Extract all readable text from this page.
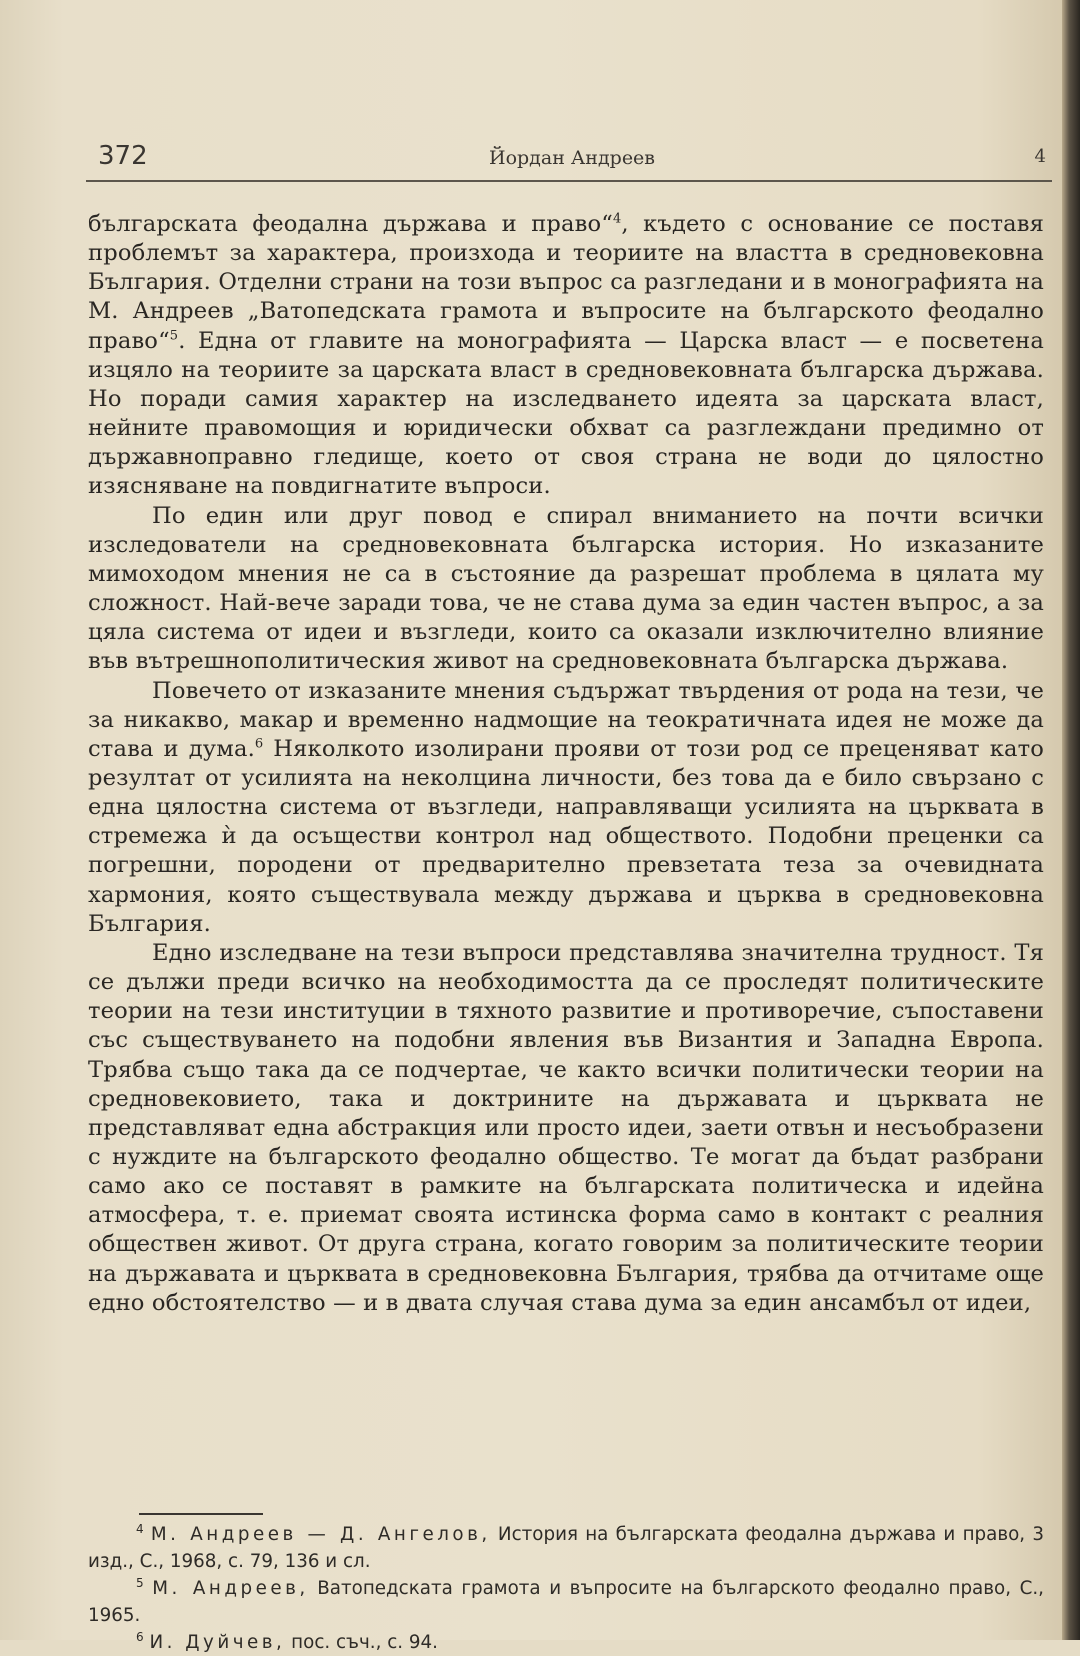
372	Йордан Андреев	4

българската феодална държава и право“$^4$, където с основание се поставя проблемът за характера, произхода и теориите на властта в средновековна България. Отделни страни на този въпрос са разгледани и в монографията на М. Андреев „Ватопедската грамота и въпросите на българското феодално право“$^5$. Една от главите на монографията — Царска власт — е посветена изцяло на теориите за царската власт в средновековната българска държава. Но поради самия характер на изследването идеята за царската власт, нейните правомощия и юридически обхват са разглеждани предимно от държавноправно гледище, което от своя страна не води до цялостно изясняване на повдигнатите въпроси.

По един или друг повод е спирал вниманието на почти всички изследователи на средновековната българска история. Но изказаните мимоходом мнения не са в състояние да разрешат проблема в цялата му сложност. Най-вече заради това, че не става дума за един частен въпрос, а за цяла система от идеи и възгледи, които са оказали изключително влияние във вътрешнополитическия живот на средновековната българска държава.

Повечето от изказаните мнения съдържат твърдения от рода на тези, че за никакво, макар и временно надмощие на теократичната идея не може да става и дума.$^6$ Няколкото изолирани прояви от този род се преценяват като резултат от усилията на неколцина личности, без това да е било свързано с една цялостна система от възгледи, направляващи усилията на църквата в стремежа ѝ да осъществи контрол над обществото. Подобни преценки са погрешни, породени от предварително превзетата теза за очевидната хармония, която съществувала между държава и църква в средновековна България.

Едно изследване на тези въпроси представлява значителна трудност. Тя се дължи преди всичко на необходимостта да се проследят политическите теории на тези институции в тяхното развитие и противоречие, съпоставени със съществуването на подобни явления във Византия и Западна Европа. Трябва също така да се подчертае, че както всички политически теории на средновековието, така и доктрините на държавата и църквата не представляват една абстракция или просто идеи, заети отвън и несъобразени с нуждите на българското феодално общество. Те могат да бъдат разбрани само ако се поставят в рамките на българската политическа и идейна атмосфера, т. е. приемат своята истинска форма само в контакт с реалния обществен живот. От друга страна, когато говорим за политическите теории на държавата и църквата в средновековна България, трябва да отчитаме още едно обстоятелство — и в двата случая става дума за един ансамбъл от идеи,

$^4$ М. Андреев — Д. Ангелов, История на българската феодална държава и право, 3 изд., С., 1968, с. 79, 136 и сл.

$^5$ М. Андреев, Ватопедската грамота и въпросите на българското феодално право, С., 1965.

$^6$ И. Дуйчев, пос. съч., с. 94.
